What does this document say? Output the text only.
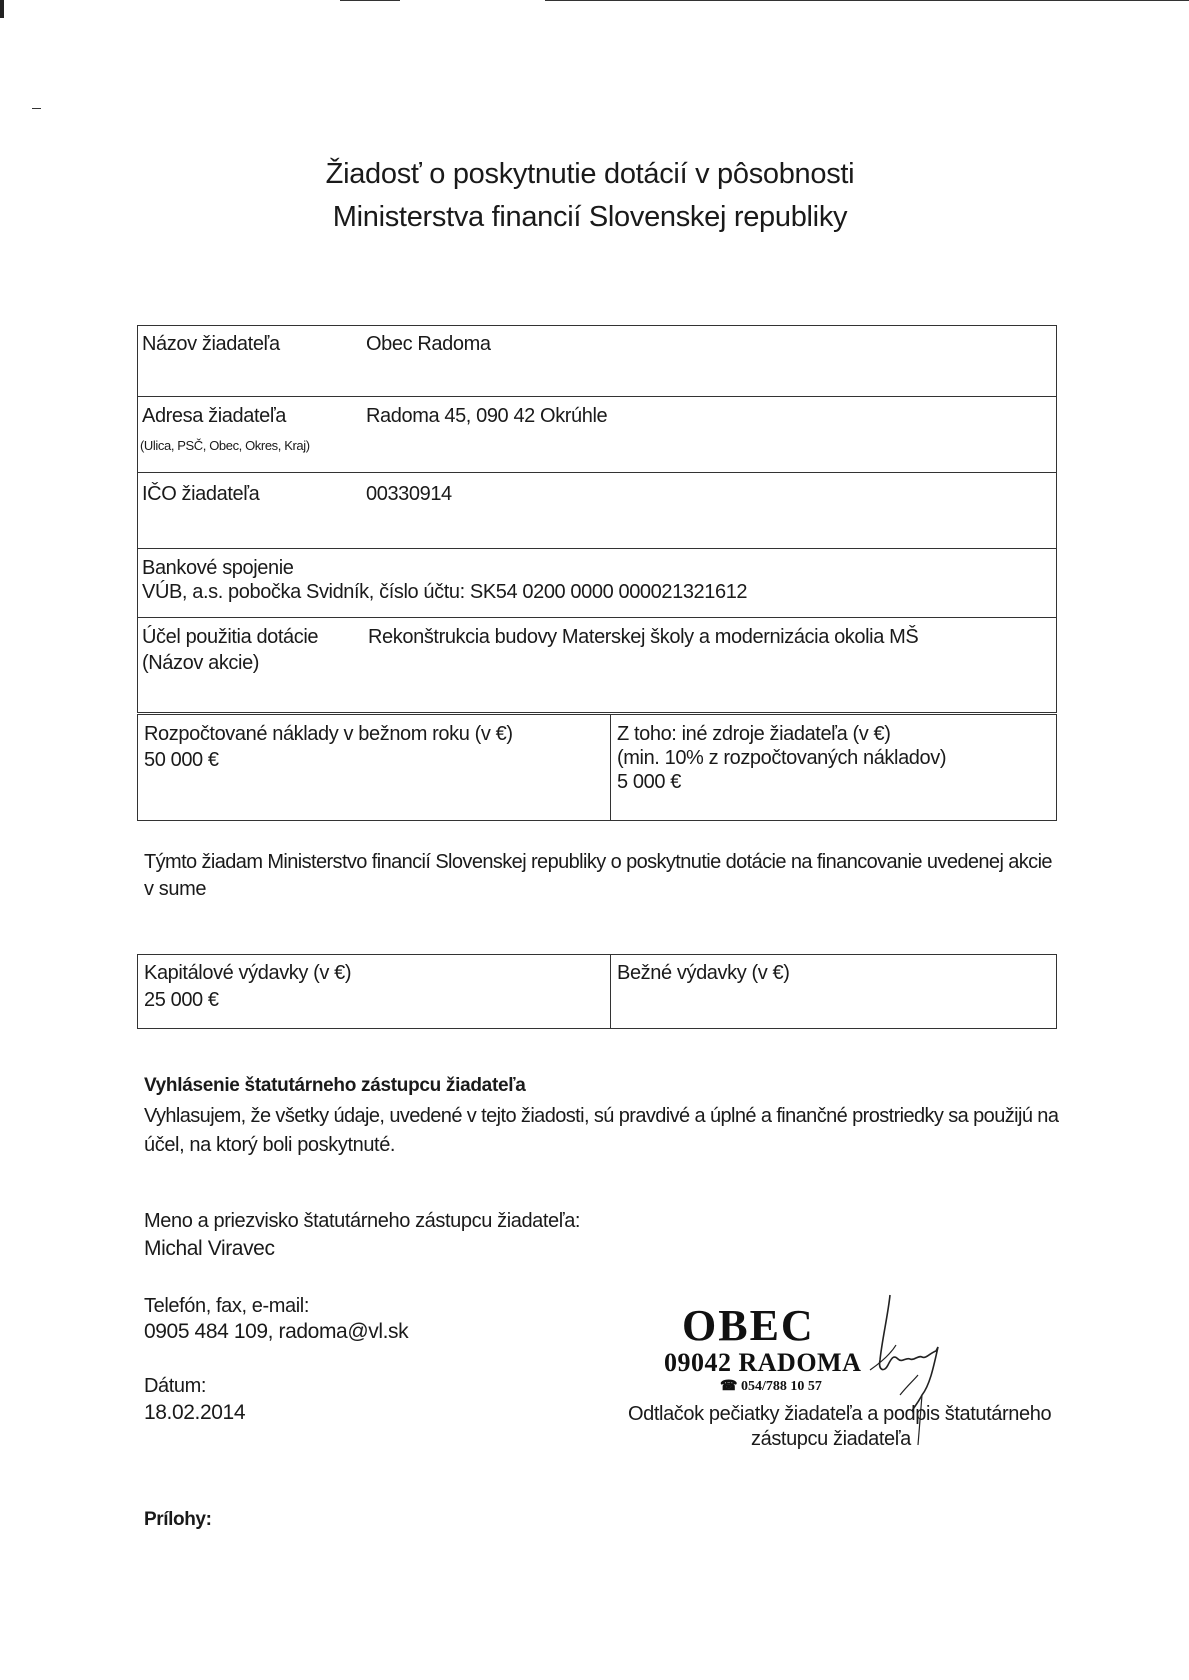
Žiadosť o poskytnutie dotácií v pôsobnosti
Ministerstva financií Slovenskej republiky
Názov žiadateľa	Obec Radoma
Adresa žiadateľa
(Ulica, PSČ, Obec, Okres, Kraj)
Radoma 45, 090 42 Okrúhle
IČO žiadateľa	00330914
Bankové spojenie
VÚB, a.s. pobočka Svidník, číslo účtu: SK54 0200 0000 000021321612
Účel použitia dotácie
(Názov akcie)
Rekonštrukcia budovy Materskej školy a modernizácia okolia MŠ
Rozpočtované náklady v bežnom roku (v €)
50 000 €
Z toho: iné zdroje žiadateľa (v €)
(min. 10% z rozpočtovaných nákladov)
5 000 €
Týmto žiadam Ministerstvo financií Slovenskej republiky o poskytnutie dotácie na financovanie uvedenej akcie
v sume
Kapitálové výdavky (v €)
25 000 €
Bežné výdavky (v €)
Vyhlásenie štatutárneho zástupcu žiadateľa
Vyhlasujem, že všetky údaje, uvedené v tejto žiadosti, sú pravdivé a úplné a finančné prostriedky sa použijú na
účel, na ktorý boli poskytnuté.
Meno a priezvisko štatutárneho zástupcu žiadateľa:
Michal Viravec
Telefón, fax, e-mail:
0905 484 109, radoma@vl.sk
Dátum:
18.02.2014
OBEC
09042 RADOMA
☎ 054/788 10 57
Odtlačok pečiatky žiadateľa a podpis štatutárneho
zástupcu žiadateľa
Prílohy:
